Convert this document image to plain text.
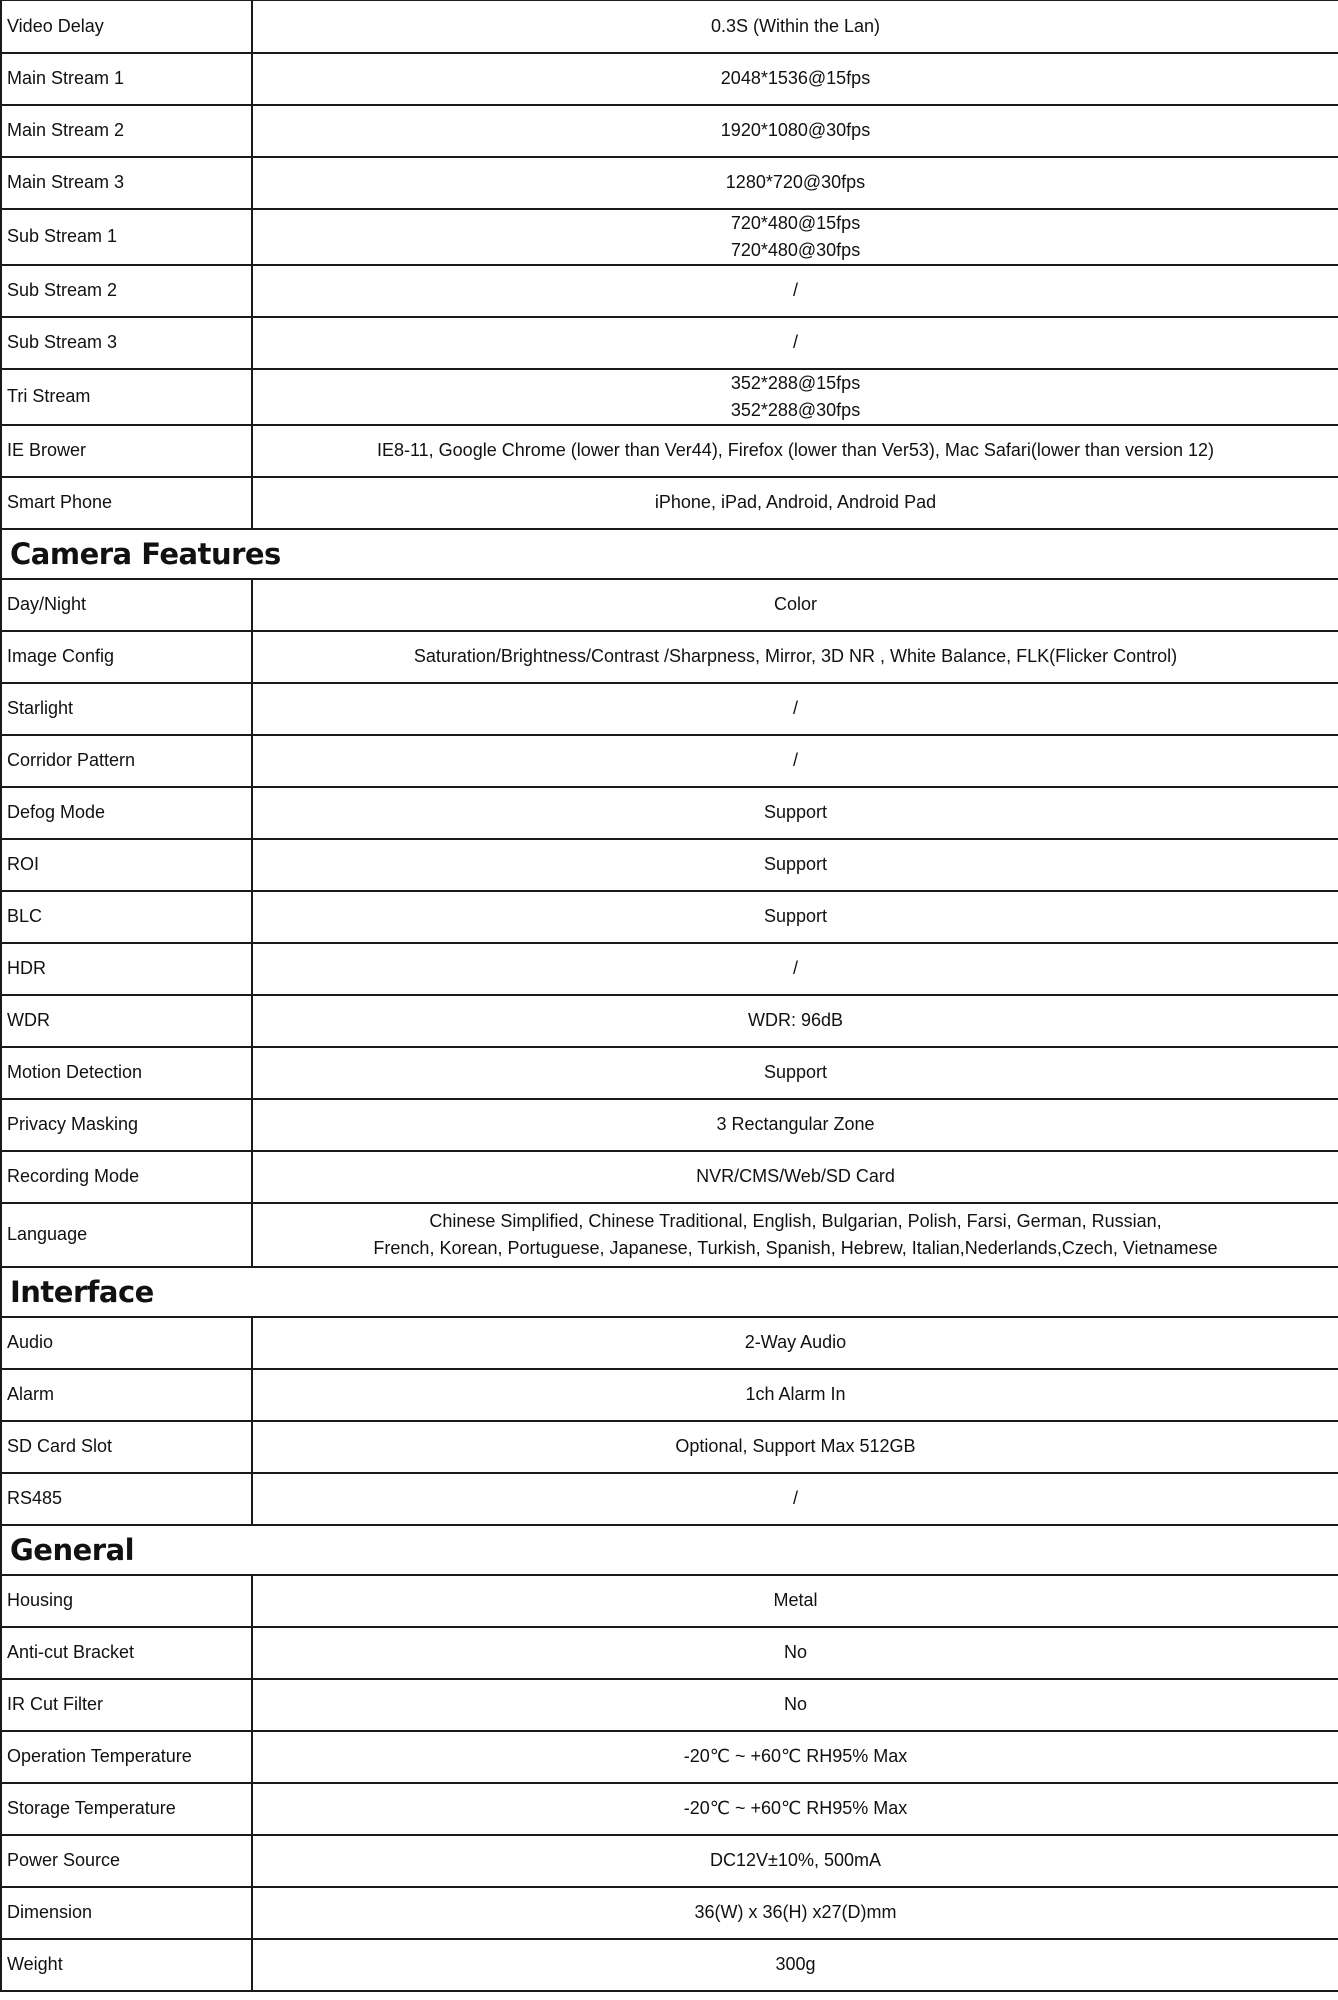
Video Delay	0.3S (Within the Lan)

Main Stream 1	2048*1536@15fps

Main Stream 2	1920*1080@30fps

Main Stream 3	1280*720@30fps

Sub Stream 1	720*480@15fps
720*480@30fps

Sub Stream 2	/

Sub Stream 3	/

Tri Stream	352*288@15fps
352*288@30fps

IE Brower	IE8-11, Google Chrome (lower than Ver44), Firefox (lower than Ver53), Mac Safari(lower than version 12)

Smart Phone	iPhone, iPad, Android, Android Pad

Camera Features	
Day/Night	Color

Image Config	Saturation/Brightness/Contrast /Sharpness, Mirror, 3D NR , White Balance, FLK(Flicker Control)

Starlight	/

Corridor Pattern	/

Defog Mode	Support

ROI	Support

BLC	Support

HDR	/

WDR	WDR: 96dB

Motion Detection	Support

Privacy Masking	3 Rectangular Zone

Recording Mode	NVR/CMS/Web/SD Card

Language	Chinese Simplified, Chinese Traditional, English, Bulgarian, Polish, Farsi, German, Russian,
French, Korean, Portuguese, Japanese, Turkish, Spanish, Hebrew, Italian,Nederlands,Czech, Vietnamese

Interface	
Audio	2-Way Audio

Alarm	1ch Alarm In

SD Card Slot	Optional, Support Max 512GB

RS485	/

General	
Housing	Metal

Anti-cut Bracket	No

IR Cut Filter	No

Operation Temperature	-20℃ ~ +60℃ RH95% Max

Storage Temperature	-20℃ ~ +60℃ RH95% Max

Power Source	DC12V±10%, 500mA

Dimension	36(W) x 36(H) x27(D)mm

Weight	300g
